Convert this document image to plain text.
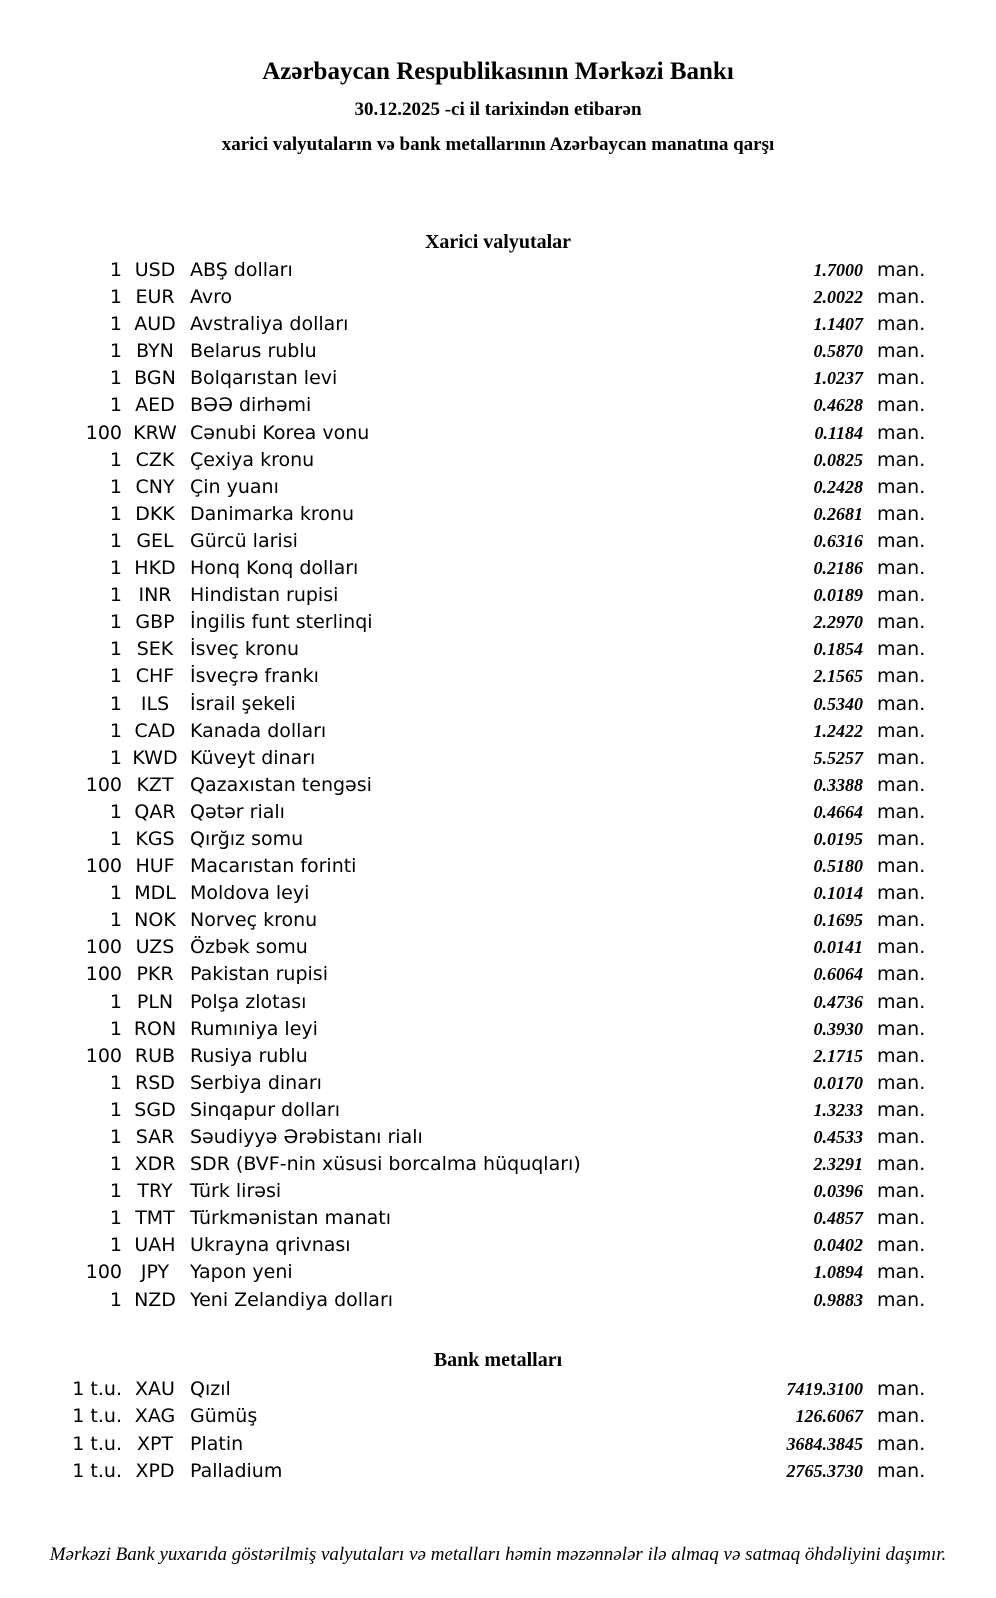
Azərbaycan Respublikasının Mərkəzi Bankı
30.12.2025 -ci il tarixindən etibarən
xarici valyutaların və bank metallarının Azərbaycan manatına qarşı
Xarici valyutalar
1 USD ABŞ dolları	1.7000 man.
1 EUR Avro	2.0022 man.
1 AUD Avstraliya dolları	1.1407 man.
1 BYN Belarus rublu	0.5870 man.
1 BGN Bolqarıstan levi	1.0237 man.
1 AED BƏƏ dirhəmi	0.4628 man.
100 KRW Cənubi Korea vonu	0.1184 man.
1 CZK Çexiya kronu	0.0825 man.
1 CNY Çin yuanı	0.2428 man.
1 DKK Danimarka kronu	0.2681 man.
1 GEL Gürcü larisi	0.6316 man.
1 HKD Honq Konq dolları	0.2186 man.
1 INR Hindistan rupisi	0.0189 man.
1 GBP İngilis funt sterlinqi	2.2970 man.
1 SEK İsveç kronu	0.1854 man.
1 CHF İsveçrə frankı	2.1565 man.
1 ILS	İsrail şekeli	0.5340 man.
1 CAD Kanada dolları	1.2422 man.
1 KWD Küveyt dinarı	5.5257 man.
100 KZT Qazaxıstan tengəsi	0.3388 man.
1 QAR Qətər rialı	0.4664 man.
1 KGS Qırğız somu	0.0195 man.
100 HUF Macarıstan forinti	0.5180 man.
1 MDL Moldova leyi	0.1014 man.
1 NOK Norveç kronu	0.1695 man.
100 UZS Özbək somu	0.0141 man.
100 PKR Pakistan rupisi	0.6064 man.
1 PLN Polşa zlotası	0.4736 man.
1 RON Rumıniya leyi	0.3930 man.
100 RUB Rusiya rublu	2.1715 man.
1 RSD Serbiya dinarı	0.0170 man.
1 SGD Sinqapur dolları	1.3233 man.
1 SAR Səudiyyə Ərəbistanı rialı	0.4533 man.
1 XDR SDR (BVF-nin xüsusi borcalma hüquqları)	2.3291 man.
1 TRY Türk lirəsi	0.0396 man.
1 TMT Türkmənistan manatı	0.4857 man.
1 UAH Ukrayna qrivnası	0.0402 man.
100 JPY	Yapon yeni	1.0894 man.
1 NZD Yeni Zelandiya dolları	0.9883 man.
Bank metalları
1 t.u. XAU Qızıl	7419.3100 man.
1 t.u. XAG Gümüş	126.6067 man.
1 t.u. XPT Platin	3684.3845 man.
1 t.u. XPD Palladium	2765.3730 man.
Mərkəzi Bank yuxarıda göstərilmiş valyutaları və metalları həmin məzənnələr ilə almaq və satmaq öhdəliyini daşımır.
